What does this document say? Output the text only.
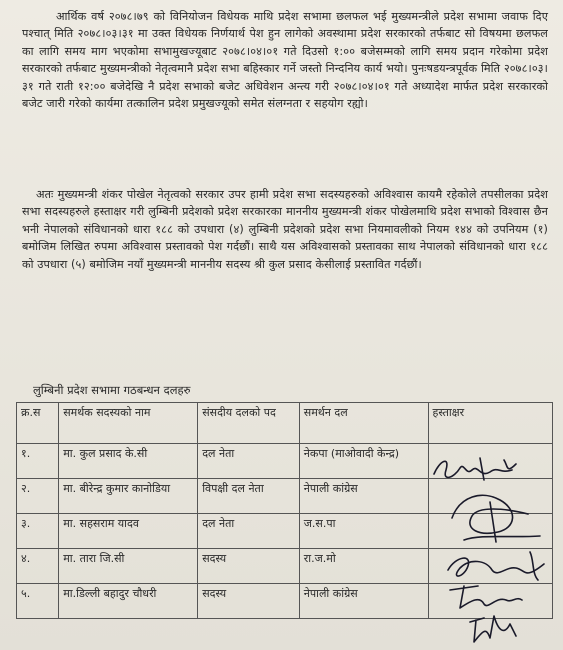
आर्थिक वर्ष २०७८।७९ को विनियोजन विधेयक माथि प्रदेश सभामा छलफल भई मुख्यमन्त्रीले प्रदेश सभामा जवाफ दिए पश्चात् मिति २०७८।०३।३१ मा उक्त विधेयक निर्णयार्थ पेश हुन लागेको अवस्थामा प्रदेश सरकारको तर्फबाट सो विषयमा छलफल का लागि समय माग भएकोमा सभामुखज्यूबाट २०७८।०४।०१ गते दिउसो १:०० बजेसम्मको लागि समय प्रदान गरेकोमा प्रदेश सरकारको तर्फबाट मुख्यमन्त्रीको नेतृत्वमानै प्रदेश सभा बहिस्कार गर्ने जस्तो निन्दनिय कार्य भयो। पुनःषडयन्त्रपूर्वक मिति २०७८।०३।३१ गते राती १२:०० बजेदेखि नै प्रदेश सभाको बजेट अधिवेशन अन्त्य गरी २०७८।०४।०१ गते अध्यादेश मार्फत प्रदेश सरकारको बजेट जारी गरेको कार्यमा तत्कालिन प्रदेश प्रमुखज्यूको समेत संलग्नता र सहयोग रह्यो।
अतः मुख्यमन्त्री शंकर पोखेल नेतृत्वको सरकार उपर हामी प्रदेश सभा सदस्यहरुको अविश्वास कायमै रहेकोले तपसीलका प्रदेश सभा सदस्यहरुले हस्ताक्षर गरी लुम्बिनी प्रदेशको प्रदेश सरकारका माननीय मुख्यमन्त्री शंकर पोखेलमाथि प्रदेश सभाको विश्वास छैन भनी नेपालको संविधानको धारा १८८ को उपधारा (४) लुम्बिनी प्रदेशको प्रदेश सभा नियमावलीको नियम १४४ को उपनियम (१) बमोजिम लिखित रुपमा अविश्वास प्रस्तावको पेश गर्दछौं। साथै यस अविश्वासको प्रस्तावका साथ नेपालको संविधानको धारा १८८ को उपधारा (५) बमोजिम नयाँ मुख्यमन्त्री माननीय सदस्य श्री कुल प्रसाद केसीलाई प्रस्तावित गर्दछौं।
लुम्बिनी प्रदेश सभामा गठबन्धन दलहरु
क्र.स	समर्थक सदस्यको नाम	संसदीय दलको पद	समर्थन दल	हस्ताक्षर
१.	मा. कुल प्रसाद के.सी	दल नेता	नेकपा (माओवादी केन्द्र)	
२.	मा. बीरेन्द्र कुमार कानोडिया	विपक्षी दल नेता	नेपाली कांग्रेस	
३.	मा. सहसराम यादव	दल नेता	ज.स.पा	
४.	मा. तारा जि.सी	सदस्य	रा.ज.मो	
५.	मा.डिल्ली बहादुर चौधरी	सदस्य	नेपाली कांग्रेस	
